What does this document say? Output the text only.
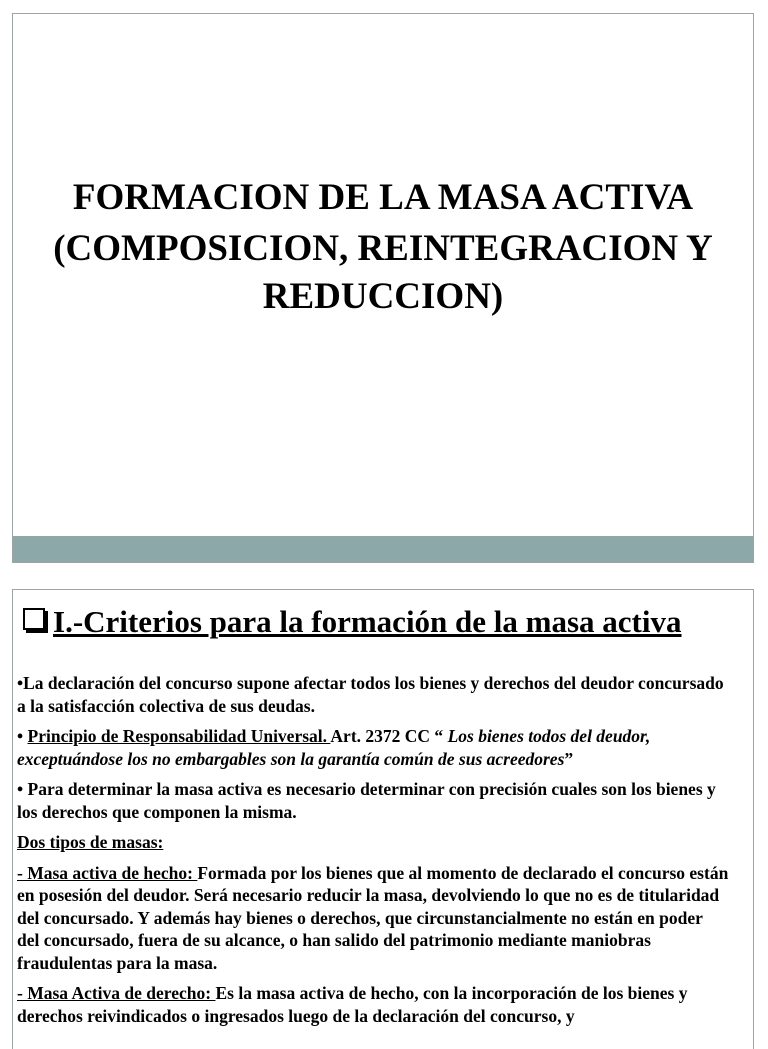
FORMACION DE LA MASA ACTIVA
(COMPOSICION, REINTEGRACION Y
REDUCCION)
I.-Criterios para la formación de la masa activa

•La declaración del concurso supone afectar todos los bienes y derechos del deudor concursado a la satisfacción colectiva de sus deudas.

• Principio de Responsabilidad Universal. Art. 2372 CC “ Los bienes todos del deudor, exceptuándose los no embargables son la garantía común de sus acreedores”

• Para determinar la masa activa es necesario determinar con precisión cuales son los bienes y los derechos que componen la misma.

Dos tipos de masas:

- Masa activa de hecho: Formada por los bienes que al momento de declarado el concurso están en posesión del deudor. Será necesario reducir la masa, devolviendo lo que no es de titularidad del concursado. Y además hay bienes o derechos, que circunstancialmente no están en poder del concursado, fuera de su alcance, o han salido del patrimonio mediante maniobras fraudulentas para la masa.

- Masa Activa de derecho: Es la masa activa de hecho, con la incorporación de los bienes y derechos reivindicados o ingresados luego de la declaración del concurso, y
